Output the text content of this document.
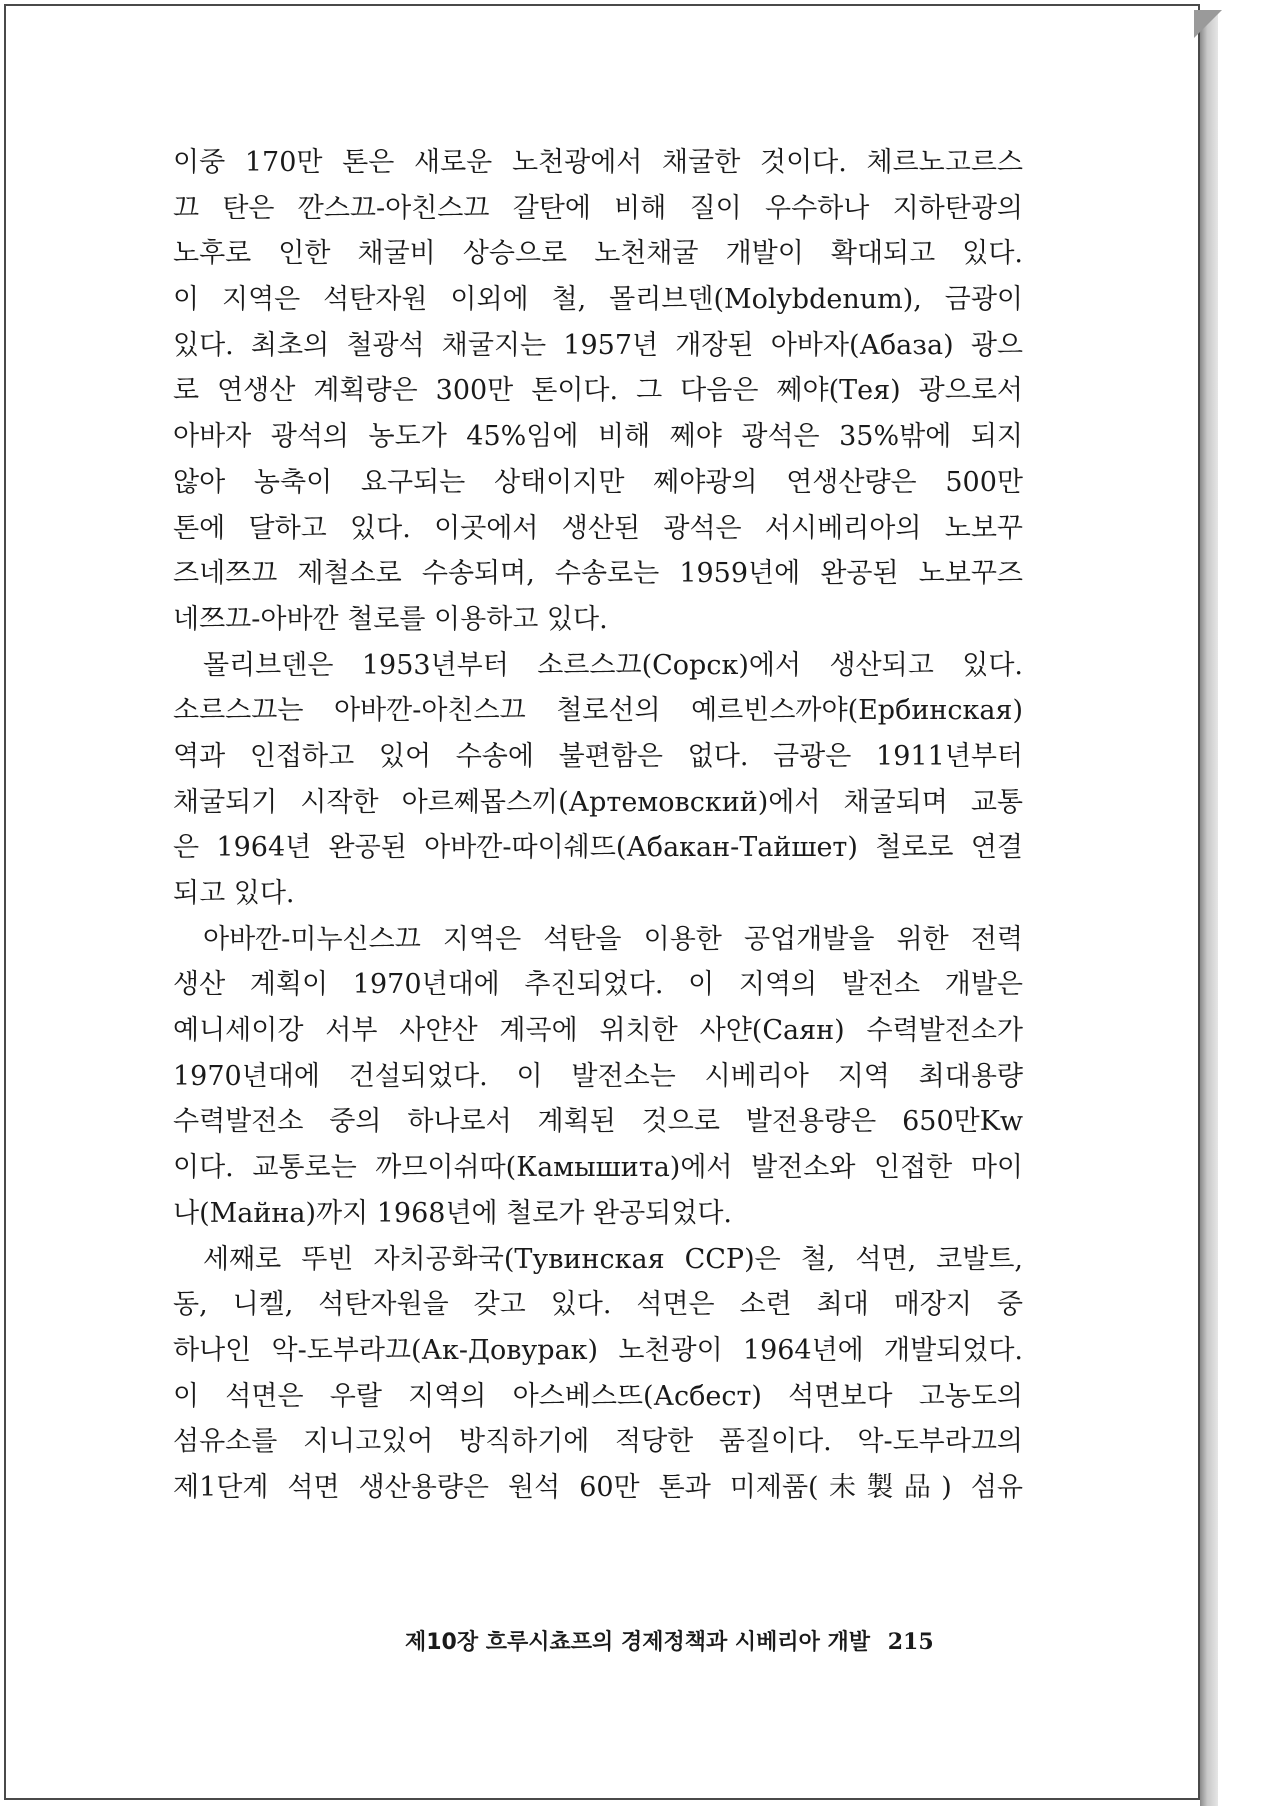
이중 170만 톤은 새로운 노천광에서 채굴한 것이다. 체르노고르스
끄 탄은 깐스끄-아친스끄 갈탄에 비해 질이 우수하나 지하탄광의
노후로 인한 채굴비 상승으로 노천채굴 개발이 확대되고 있다.
이 지역은 석탄자원 이외에 철, 몰리브덴(Molybdenum), 금광이
있다. 최초의 철광석 채굴지는 1957년 개장된 아바자(Абаза) 광으
로 연생산 계획량은 300만 톤이다. 그 다음은 쩨야(Тея) 광으로서
아바자 광석의 농도가 45%임에 비해 쩨야 광석은 35%밖에 되지
않아 농축이 요구되는 상태이지만 쩨야광의 연생산량은 500만
톤에 달하고 있다. 이곳에서 생산된 광석은 서시베리아의 노보꾸
즈네쯔끄 제철소로 수송되며, 수송로는 1959년에 완공된 노보꾸즈
네쯔끄-아바깐 철로를 이용하고 있다.
몰리브덴은 1953년부터 소르스끄(Сорск)에서 생산되고 있다.
소르스끄는 아바깐-아친스끄 철로선의 예르빈스까야(Ербинская)
역과 인접하고 있어 수송에 불편함은 없다. 금광은 1911년부터
채굴되기 시작한 아르쩨몹스끼(Артемовский)에서 채굴되며 교통
은 1964년 완공된 아바깐-따이쉐뜨(Абакан-Тайшет) 철로로 연결
되고 있다.
아바깐-미누신스끄 지역은 석탄을 이용한 공업개발을 위한 전력
생산 계획이 1970년대에 추진되었다. 이 지역의 발전소 개발은
예니세이강 서부 사얀산 계곡에 위치한 사얀(Саян) 수력발전소가
1970년대에 건설되었다. 이 발전소는 시베리아 지역 최대용량
수력발전소 중의 하나로서 계획된 것으로 발전용량은 650만Kw
이다. 교통로는 까므이쉬따(Камышита)에서 발전소와 인접한 마이
나(Майна)까지 1968년에 철로가 완공되었다.
세째로 뚜빈 자치공화국(Тувинская ССР)은 철, 석면, 코발트,
동, 니켈, 석탄자원을 갖고 있다. 석면은 소련 최대 매장지 중
하나인 악-도부라끄(Ак-Довурак) 노천광이 1964년에 개발되었다.
이 석면은 우랄 지역의 아스베스뜨(Асбест) 석면보다 고농도의
섬유소를 지니고있어 방직하기에 적당한 품질이다. 악-도부라끄의
제1단계 석면 생산용량은 원석 60만 톤과 미제품(未製品) 섬유
제10장 흐루시쵸프의 경제정책과 시베리아 개발 215
